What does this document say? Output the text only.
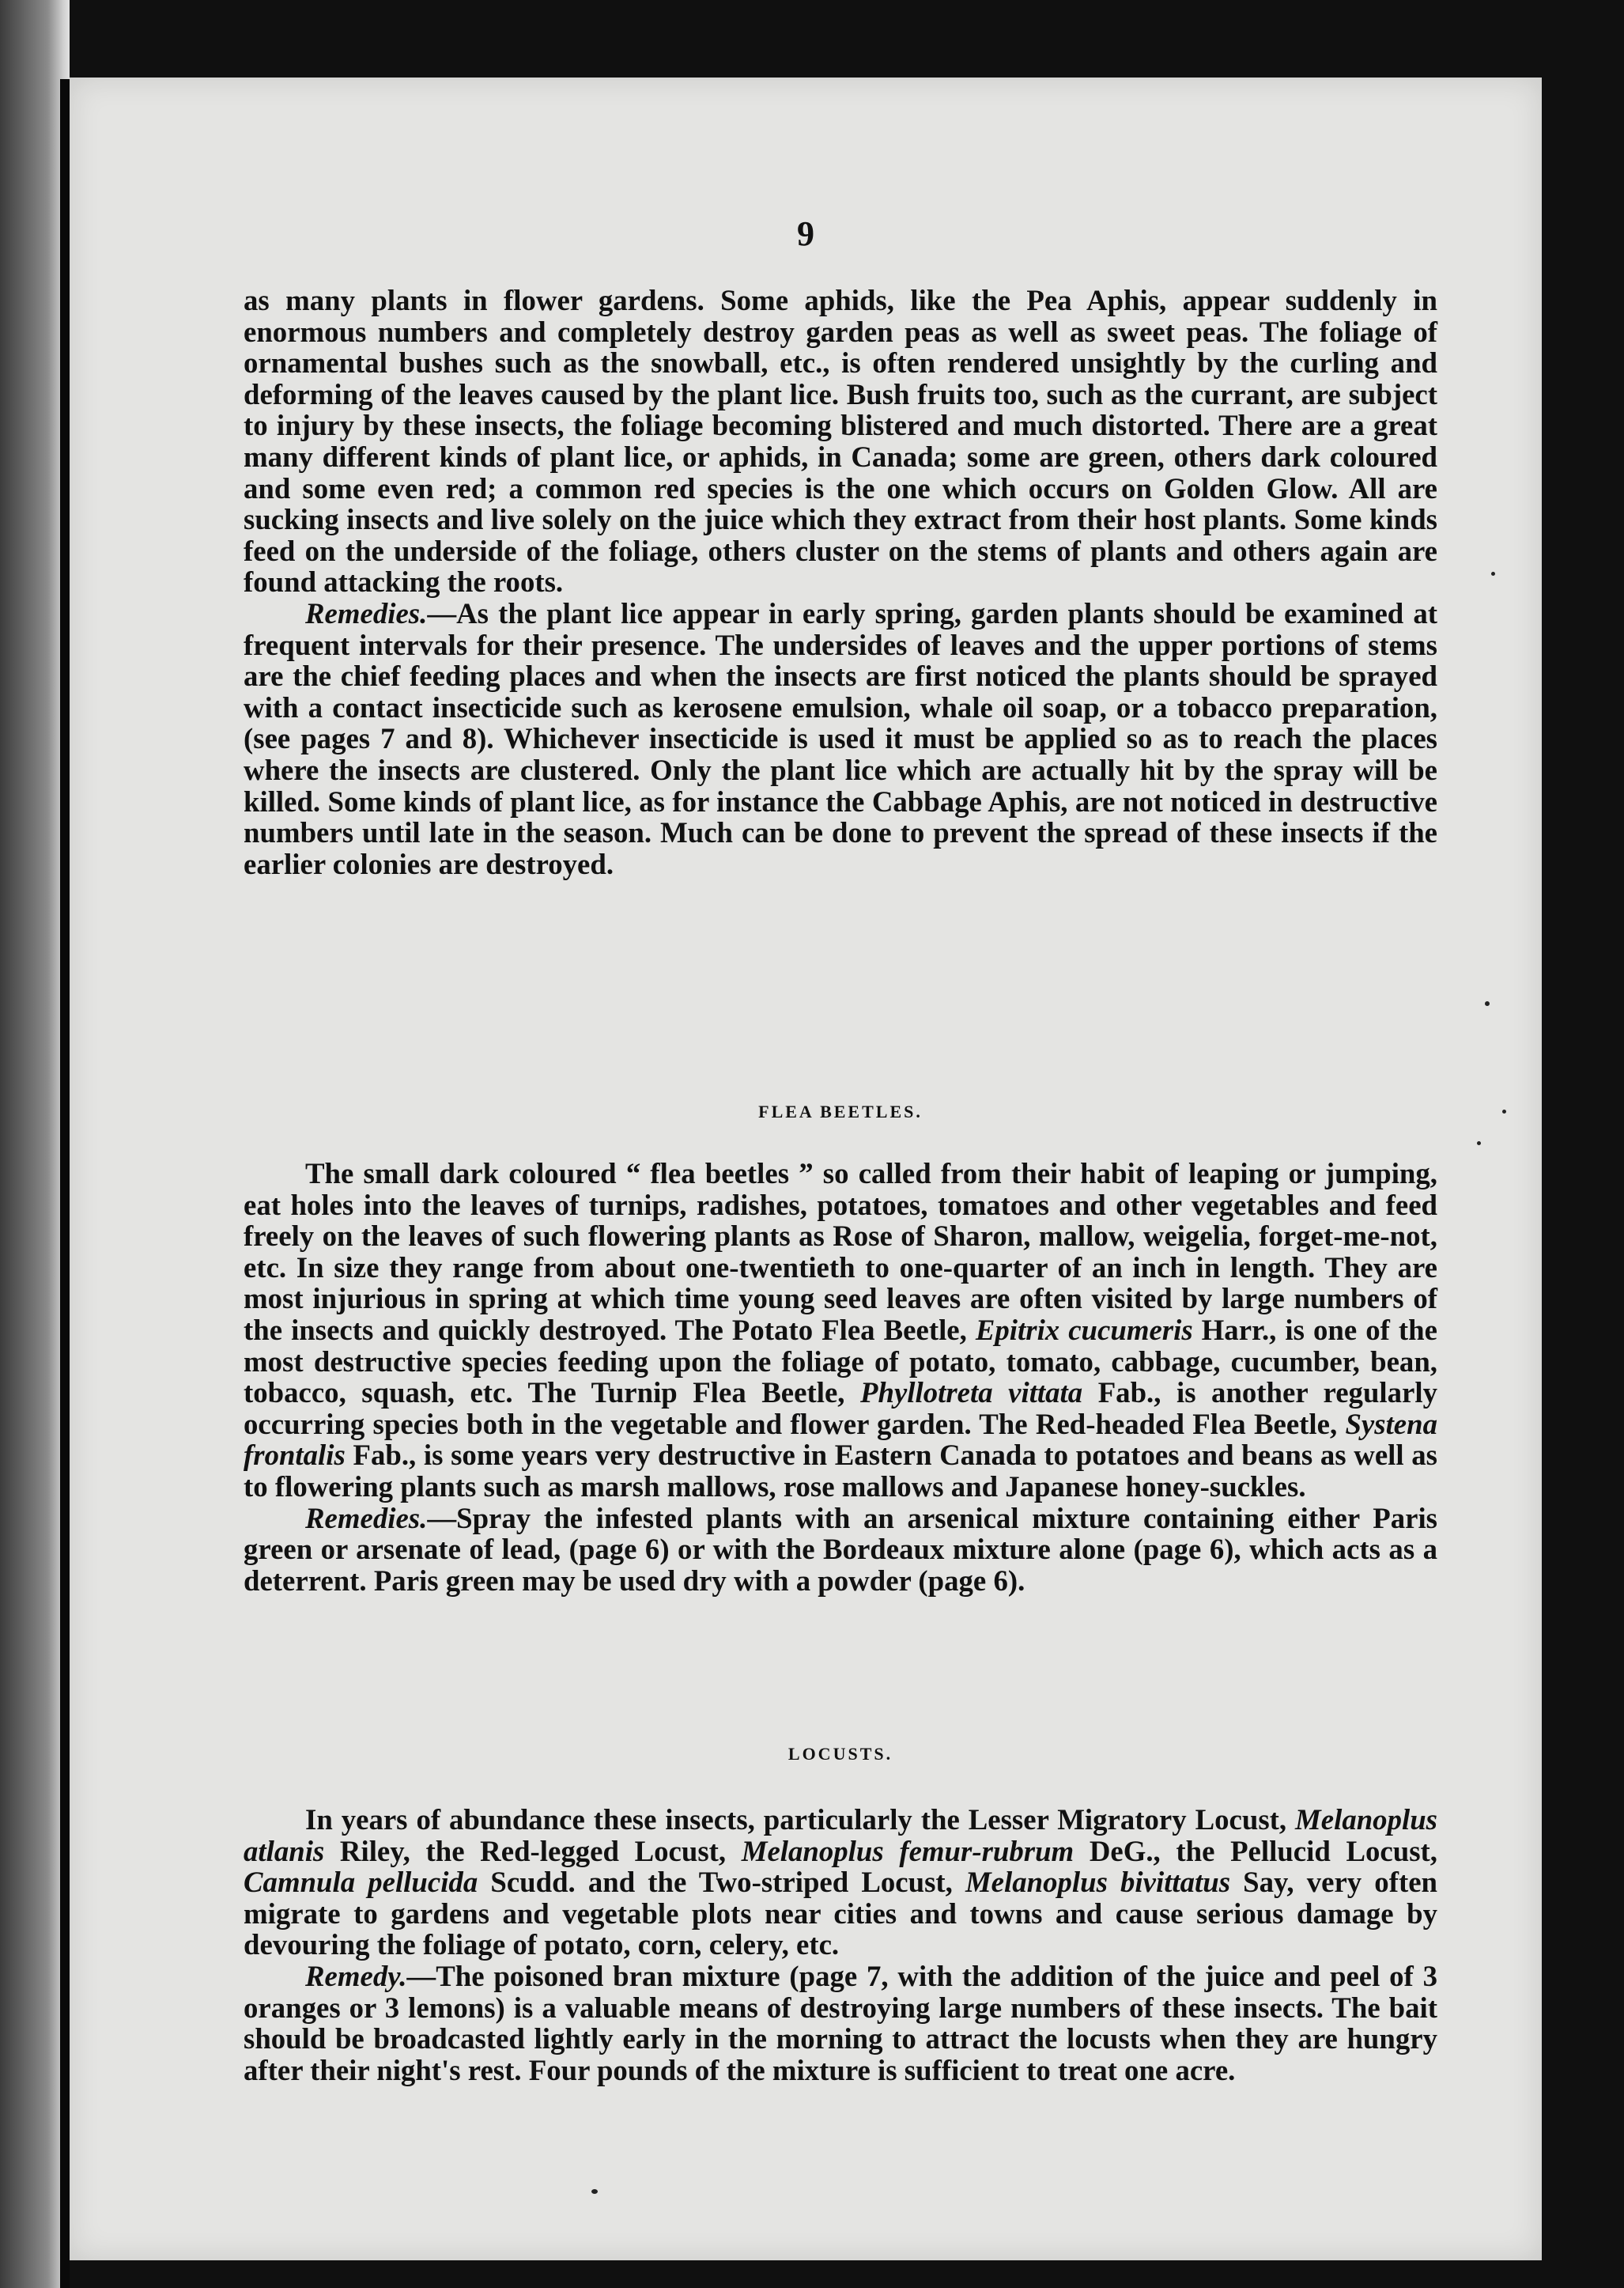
9

as many plants in flower gardens. Some aphids, like the Pea Aphis, appear suddenly in enormous numbers and completely destroy garden peas as well as sweet peas. The foliage of ornamental bushes such as the snowball, etc., is often rendered unsightly by the curling and deforming of the leaves caused by the plant lice. Bush fruits too, such as the currant, are subject to injury by these insects, the foliage becoming blistered and much distorted. There are a great many different kinds of plant lice, or aphids, in Canada; some are green, others dark coloured and some even red; a common red species is the one which occurs on Golden Glow. All are sucking insects and live solely on the juice which they extract from their host plants. Some kinds feed on the underside of the foliage, others cluster on the stems of plants and others again are found attacking the roots.

Remedies.—As the plant lice appear in early spring, garden plants should be examined at frequent intervals for their presence. The undersides of leaves and the upper portions of stems are the chief feeding places and when the insects are first noticed the plants should be sprayed with a contact insecticide such as kerosene emulsion, whale oil soap, or a tobacco preparation, (see pages 7 and 8). Whichever insecticide is used it must be applied so as to reach the places where the insects are clustered. Only the plant lice which are actually hit by the spray will be killed. Some kinds of plant lice, as for instance the Cabbage Aphis, are not noticed in destructive numbers until late in the season. Much can be done to prevent the spread of these insects if the earlier colonies are destroyed.

FLEA BEETLES.

The small dark coloured “ flea beetles ” so called from their habit of leaping or jumping, eat holes into the leaves of turnips, radishes, potatoes, tomatoes and other vegetables and feed freely on the leaves of such flowering plants as Rose of Sharon, mallow, weigelia, forget-me-not, etc. In size they range from about one-twentieth to one-quarter of an inch in length. They are most injurious in spring at which time young seed leaves are often visited by large numbers of the insects and quickly destroyed. The Potato Flea Beetle, Epitrix cucumeris Harr., is one of the most destructive species feeding upon the foliage of potato, tomato, cabbage, cucumber, bean, tobacco, squash, etc. The Turnip Flea Beetle, Phyllotreta vittata Fab., is another regularly occurring species both in the vegetable and flower garden. The Red-headed Flea Beetle, Systena frontalis Fab., is some years very destructive in Eastern Canada to potatoes and beans as well as to flowering plants such as marsh mallows, rose mallows and Japanese honey-suckles.

Remedies.—Spray the infested plants with an arsenical mixture containing either Paris green or arsenate of lead, (page 6) or with the Bordeaux mixture alone (page 6), which acts as a deterrent. Paris green may be used dry with a powder (page 6).

LOCUSTS.

In years of abundance these insects, particularly the Lesser Migratory Locust, Melanoplus atlanis Riley, the Red-legged Locust, Melanoplus femur-rubrum DeG., the Pellucid Locust, Camnula pellucida Scudd. and the Two-striped Locust, Melanoplus bivittatus Say, very often migrate to gardens and vegetable plots near cities and towns and cause serious damage by devouring the foliage of potato, corn, celery, etc.

Remedy.—The poisoned bran mixture (page 7, with the addition of the juice and peel of 3 oranges or 3 lemons) is a valuable means of destroying large numbers of these insects. The bait should be broadcasted lightly early in the morning to attract the locusts when they are hungry after their night's rest. Four pounds of the mixture is sufficient to treat one acre.
